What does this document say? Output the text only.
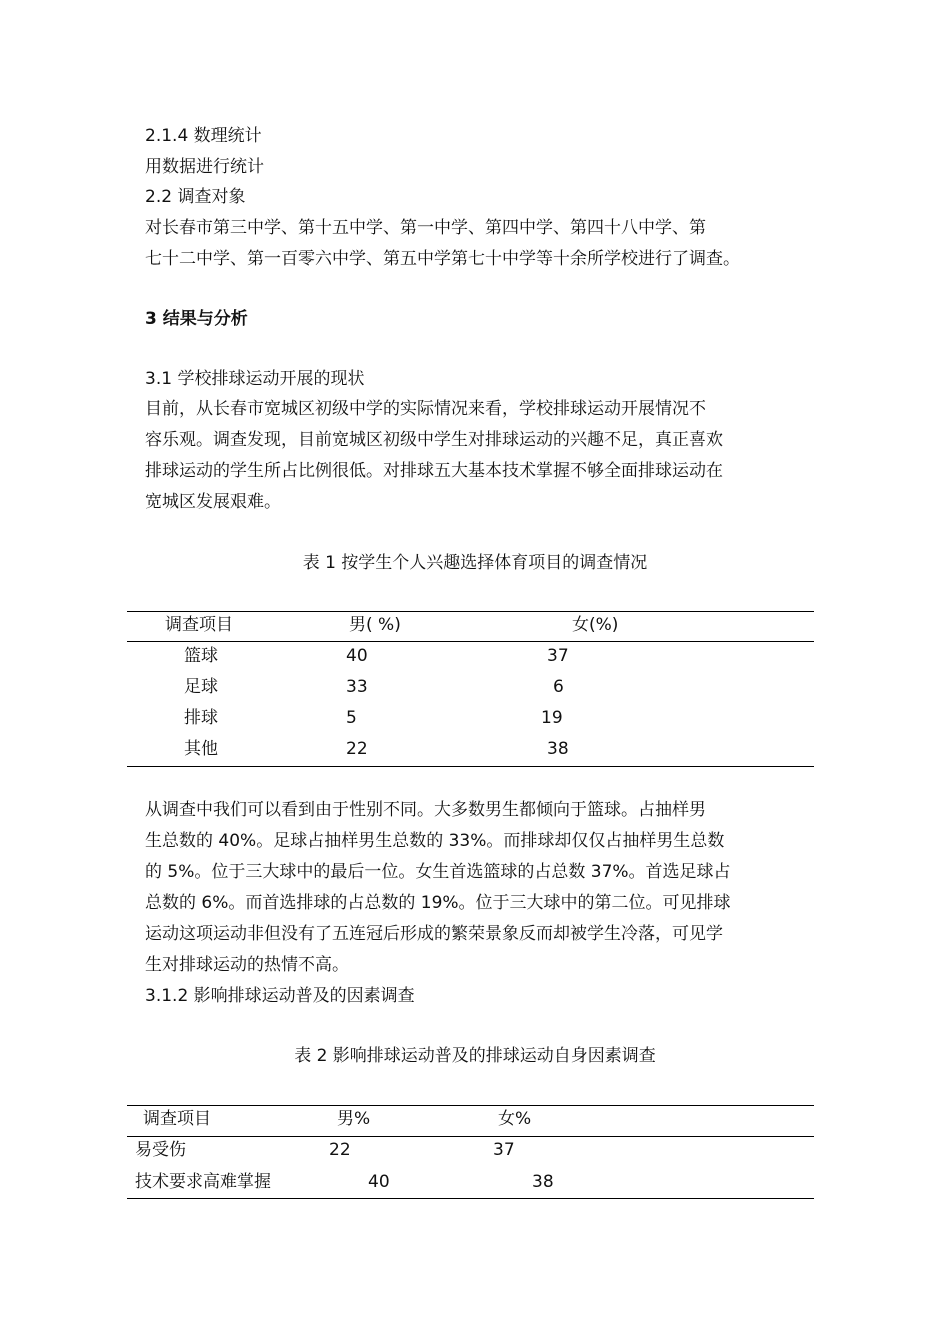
2.1.4 数理统计
用数据进行统计
2.2 调查对象
对长春市第三中学、第十五中学、第一中学、第四中学、第四十八中学、第
七十二中学、第一百零六中学、第五中学第七十中学等十余所学校进行了调查。
3 结果与分析
3.1 学校排球运动开展的现状
目前，从长春市宽城区初级中学的实际情况来看，学校排球运动开展情况不
容乐观。调查发现，目前宽城区初级中学生对排球运动的兴趣不足，真正喜欢
排球运动的学生所占比例很低。对排球五大基本技术掌握不够全面排球运动在
宽城区发展艰难。
表 1 按学生个人兴趣选择体育项目的调查情况
调查项目	男( %)	女(%)
篮球	40	37
足球	33	6
排球	5	19
其他	22	38
从调查中我们可以看到由于性别不同。大多数男生都倾向于篮球。占抽样男
生总数的 40%。足球占抽样男生总数的 33%。而排球却仅仅占抽样男生总数
的 5%。位于三大球中的最后一位。女生首选篮球的占总数 37%。首选足球占
总数的 6%。而首选排球的占总数的 19%。位于三大球中的第二位。可见排球
运动这项运动非但没有了五连冠后形成的繁荣景象反而却被学生冷落，可见学
生对排球运动的热情不高。
3.1.2 影响排球运动普及的因素调查
表 2 影响排球运动普及的排球运动自身因素调查
调查项目	男%	女%
易受伤	22	37
技术要求高难掌握	40	38
